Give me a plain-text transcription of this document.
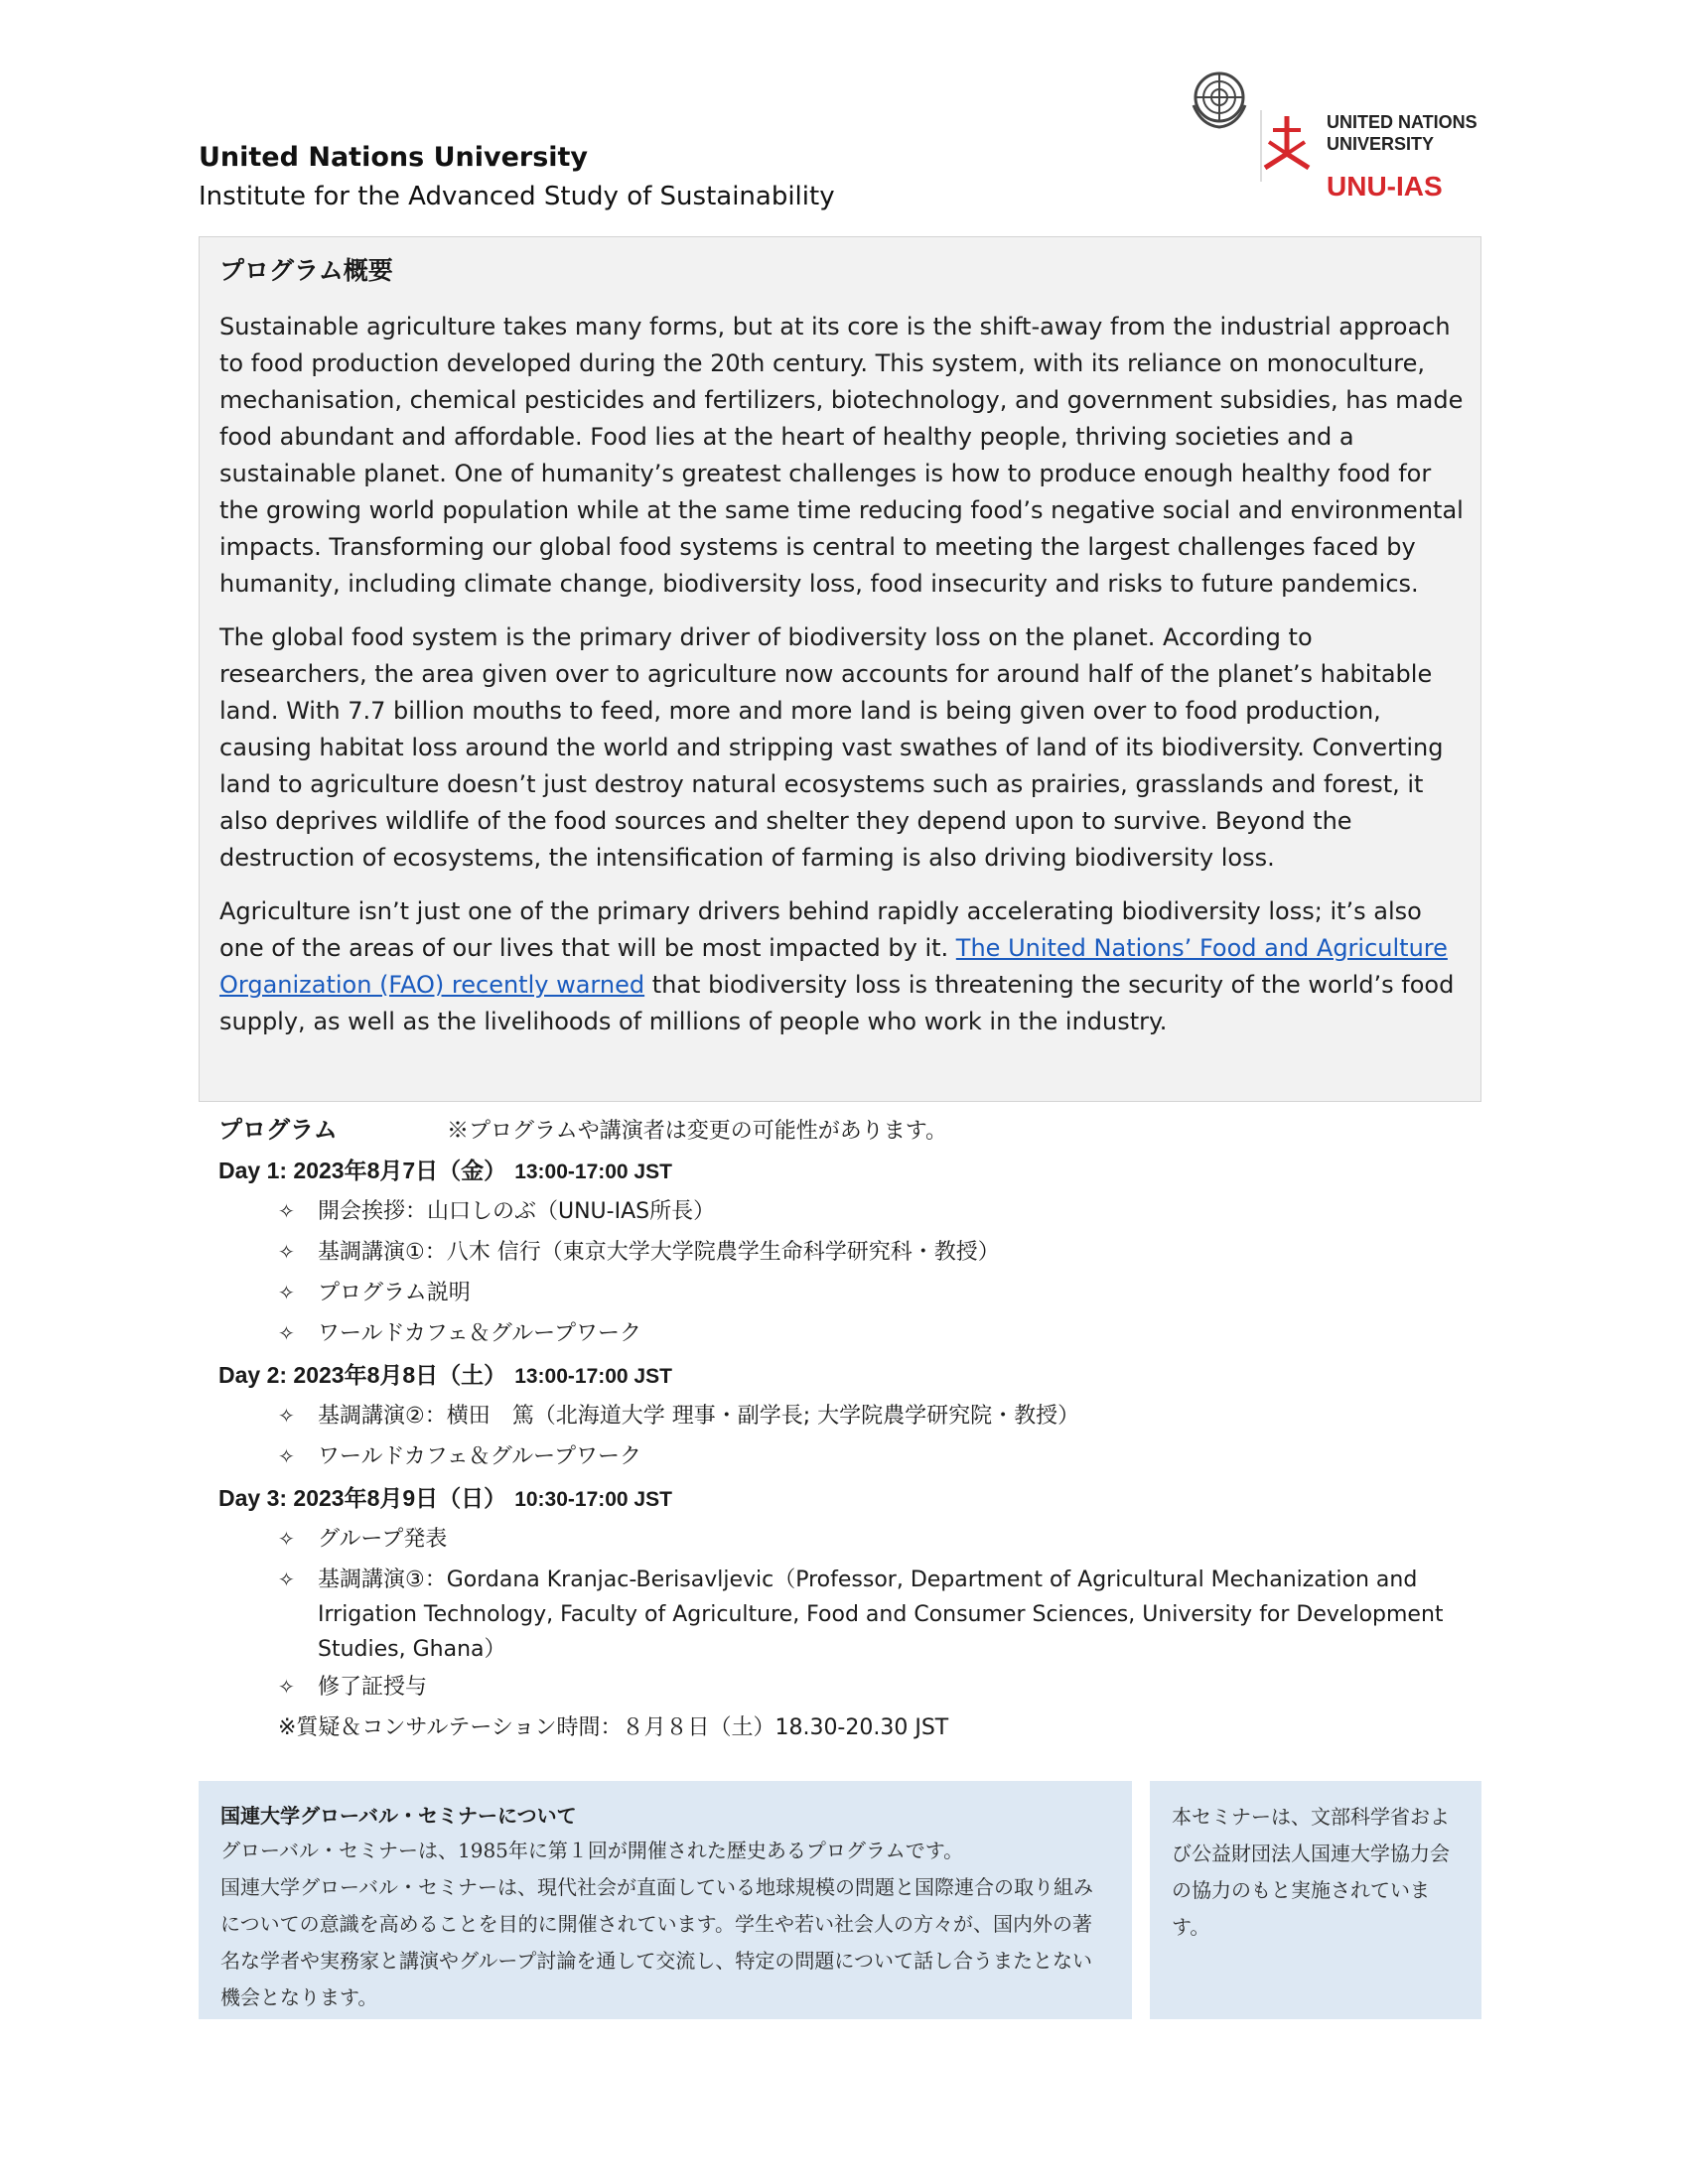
United Nations University
Institute for the Advanced Study of Sustainability
UNITED NATIONS
UNIVERSITY
UNU-IAS
プログラム概要

Sustainable agriculture takes many forms, but at its core is the shift-away from the industrial approach to food production developed during the 20th century. This system, with its reliance on monoculture, mechanisation, chemical pesticides and fertilizers, biotechnology, and government subsidies, has made food abundant and affordable. Food lies at the heart of healthy people, thriving societies and a sustainable planet. One of humanity’s greatest challenges is how to produce enough healthy food for the growing world population while at the same time reducing food’s negative social and environmental impacts. Transforming our global food systems is central to meeting the largest challenges faced by humanity, including climate change, biodiversity loss, food insecurity and risks to future pandemics.

The global food system is the primary driver of biodiversity loss on the planet. According to researchers, the area given over to agriculture now accounts for around half of the planet’s habitable land. With 7.7 billion mouths to feed, more and more land is being given over to food production, causing habitat loss around the world and stripping vast swathes of land of its biodiversity. Converting land to agriculture doesn’t just destroy natural ecosystems such as prairies, grasslands and forest, it also deprives wildlife of the food sources and shelter they depend upon to survive. Beyond the destruction of ecosystems, the intensification of farming is also driving biodiversity loss.

Agriculture isn’t just one of the primary drivers behind rapidly accelerating biodiversity loss; it’s also one of the areas of our lives that will be most impacted by it. The United Nations’ Food and Agriculture Organization (FAO) recently warned that biodiversity loss is threatening the security of the world’s food supply, as well as the livelihoods of millions of people who work in the industry.

プログラム	※プログラムや講演者は変更の可能性があります。
Day 1: 2023年8月7日（金） 13:00-17:00 JST
✧ 開会挨拶：山口しのぶ（UNU-IAS所長）
✧ 基調講演①：八木 信行（東京大学大学院農学生命科学研究科・教授）
✧ プログラム説明
✧ ワールドカフェ＆グループワーク
Day 2: 2023年8月8日（土） 13:00-17:00 JST
✧ 基調講演②：横田　篤（北海道大学 理事・副学長; 大学院農学研究院・教授）
✧ ワールドカフェ＆グループワーク
Day 3: 2023年8月9日（日） 10:30-17:00 JST
✧ グループ発表
✧ 基調講演③：Gordana Kranjac-Berisavljevic（Professor, Department of Agricultural Mechanization and Irrigation Technology, Faculty of Agriculture, Food and Consumer Sciences, University for Development Studies, Ghana）
✧ 修了証授与
※質疑＆コンサルテーション時間：８月８日（土）18.30-20.30 JST
国連大学グローバル・セミナーについて
グローバル・セミナーは、1985年に第１回が開催された歴史あるプログラムです。
国連大学グローバル・セミナーは、現代社会が直面している地球規模の問題と国際連合の取り組みについての意識を高めることを目的に開催されています。学生や若い社会人の方々が、国内外の著名な学者や実務家と講演やグループ討論を通して交流し、特定の問題について話し合うまたとない機会となります。
本セミナーは、文部科学省および公益財団法人国連大学協力会の協力のもと実施されています。
